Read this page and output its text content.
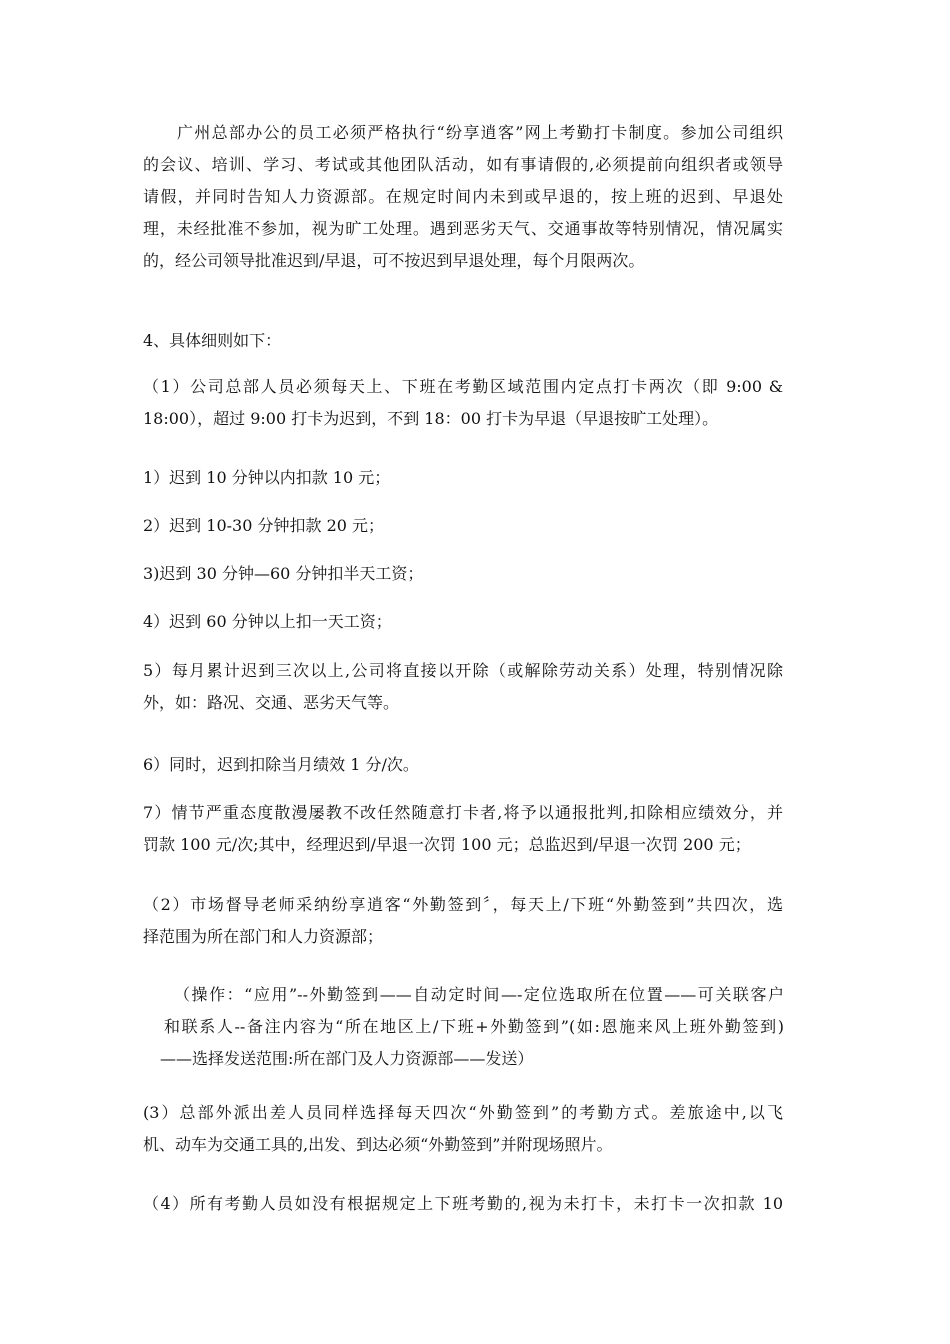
广州总部办公的员工必须严格执行“纷享逍客”网上考勤打卡制度。参加公司组织
的会议、培训、学习、考试或其他团队活动，如有事请假的,必须提前向组织者或领导
请假，并同时告知人力资源部。在规定时间内未到或早退的，按上班的迟到、早退处
理，未经批准不参加，视为旷工处理。遇到恶劣天气、交通事故等特别情况，情况属实
的，经公司领导批准迟到/早退，可不按迟到早退处理，每个月限两次。
4、具体细则如下：
（1）公司总部人员必须每天上、下班在考勤区域范围内定点打卡两次（即 9:00 &
18:00），超过 9:00 打卡为迟到，不到 18：00 打卡为早退（早退按旷工处理）。
1）迟到 10 分钟以内扣款 10 元；
2）迟到 10-30 分钟扣款 20 元；
3)迟到 30 分钟—60 分钟扣半天工资；
4）迟到 60 分钟以上扣一天工资；
5）每月累计迟到三次以上,公司将直接以开除（或解除劳动关系）处理，特别情况除
外，如：路况、交通、恶劣天气等。
6）同时，迟到扣除当月绩效 1 分/次。
7）情节严重态度散漫屡教不改任然随意打卡者,将予以通报批判,扣除相应绩效分，并
罚款 100 元/次;其中，经理迟到/早退一次罚 100 元；总监迟到/早退一次罚 200 元；
（2）市场督导老师采纳纷享逍客“外勤签到〞，每天上/下班“外勤签到”共四次，选
择范围为所在部门和人力资源部；
（操作：“应用”--外勤签到——自动定时间—-定位选取所在位置——可关联客户
和联系人--备注内容为“所在地区上/下班+外勤签到”(如:恩施来风上班外勤签到)
——选择发送范围:所在部门及人力资源部——发送）
(3）总部外派出差人员同样选择每天四次“外勤签到”的考勤方式。差旅途中,以飞
机、动车为交通工具的,出发、到达必须“外勤签到”并附现场照片。
（4）所有考勤人员如没有根据规定上下班考勤的,视为未打卡，未打卡一次扣款 10
